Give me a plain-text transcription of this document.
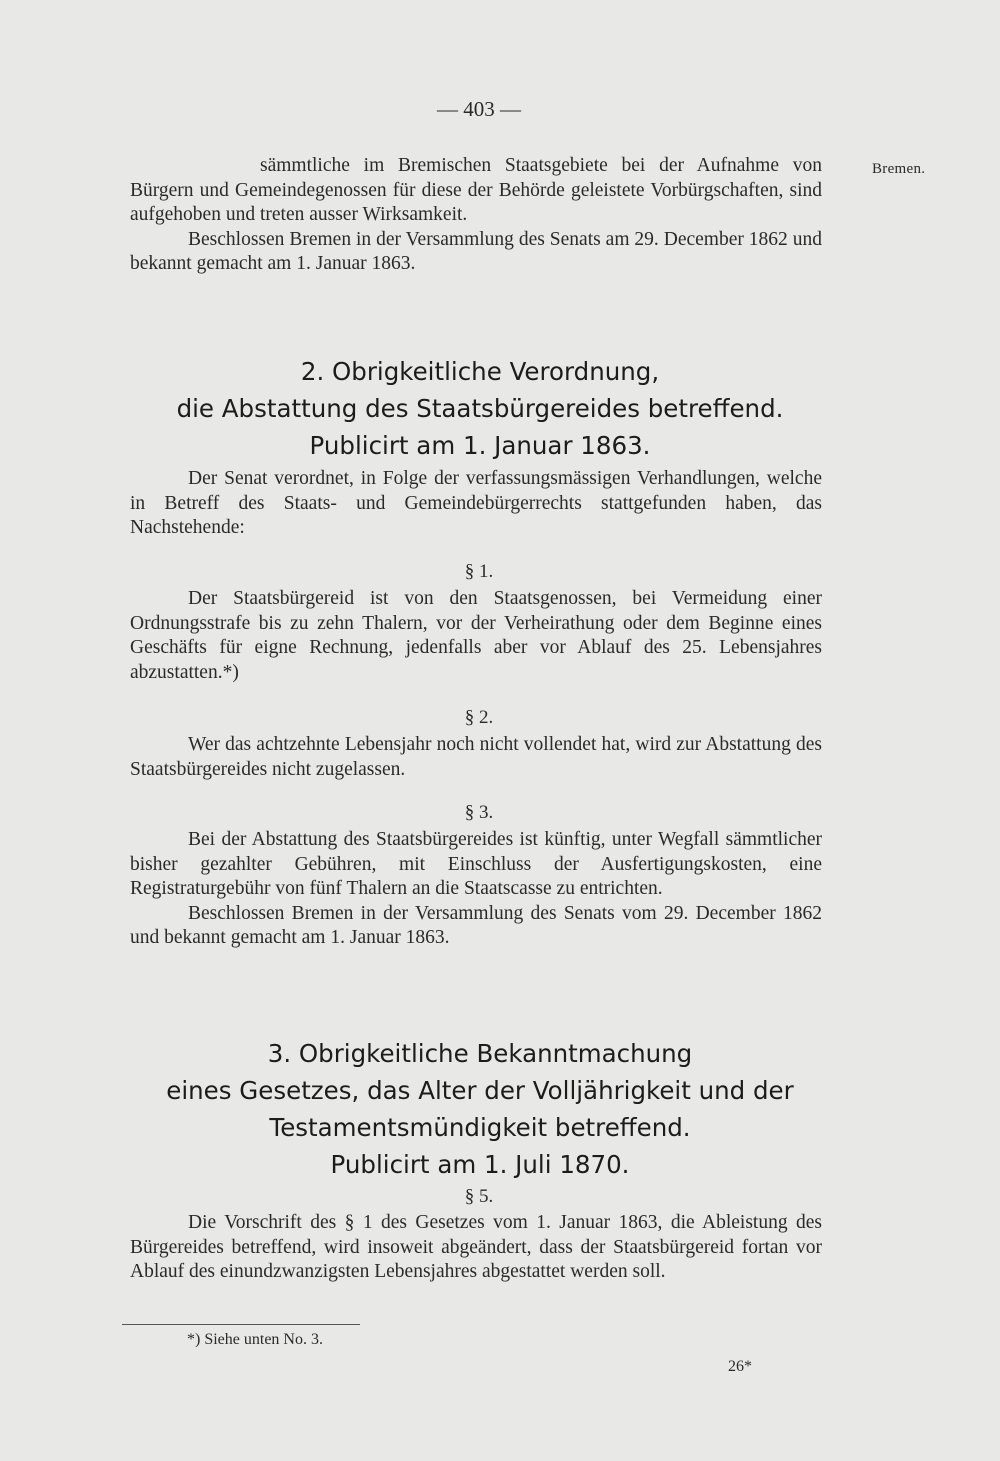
— 403 —
Bremen.

sämmtliche im Bremischen Staatsgebiete bei der Aufnahme von Bürgern und Gemeindegenossen für diese der Behörde geleistete Vorbürgschaften, sind aufgehoben und treten ausser Wirksamkeit.

Beschlossen Bremen in der Versammlung des Senats am 29. December 1862 und bekannt gemacht am 1. Januar 1863.

2. Obrigkeitliche Verordnung,
die Abstattung des Staatsbürgereides betreffend.
Publicirt am 1. Januar 1863.

Der Senat verordnet, in Folge der verfassungsmässigen Verhandlungen, welche in Betreff des Staats- und Gemeindebürgerrechts stattgefunden haben, das Nachstehende:

§ 1.

Der Staatsbürgereid ist von den Staatsgenossen, bei Vermeidung einer Ordnungsstrafe bis zu zehn Thalern, vor der Verheirathung oder dem Beginne eines Geschäfts für eigne Rechnung, jedenfalls aber vor Ablauf des 25. Lebensjahres abzustatten.*)

§ 2.

Wer das achtzehnte Lebensjahr noch nicht vollendet hat, wird zur Abstattung des Staatsbürgereides nicht zugelassen.

§ 3.

Bei der Abstattung des Staatsbürgereides ist künftig, unter Wegfall sämmtlicher bisher gezahlter Gebühren, mit Einschluss der Ausfertigungskosten, eine Registraturgebühr von fünf Thalern an die Staatscasse zu entrichten.

Beschlossen Bremen in der Versammlung des Senats vom 29. December 1862 und bekannt gemacht am 1. Januar 1863.

3. Obrigkeitliche Bekanntmachung
eines Gesetzes, das Alter der Volljährigkeit und der
Testamentsmündigkeit betreffend.
Publicirt am 1. Juli 1870.
§ 5.

Die Vorschrift des § 1 des Gesetzes vom 1. Januar 1863, die Ableistung des Bürgereides betreffend, wird insoweit abgeändert, dass der Staatsbürgereid fortan vor Ablauf des einundzwanzigsten Lebensjahres abgestattet werden soll.

*) Siehe unten No. 3.
26*
